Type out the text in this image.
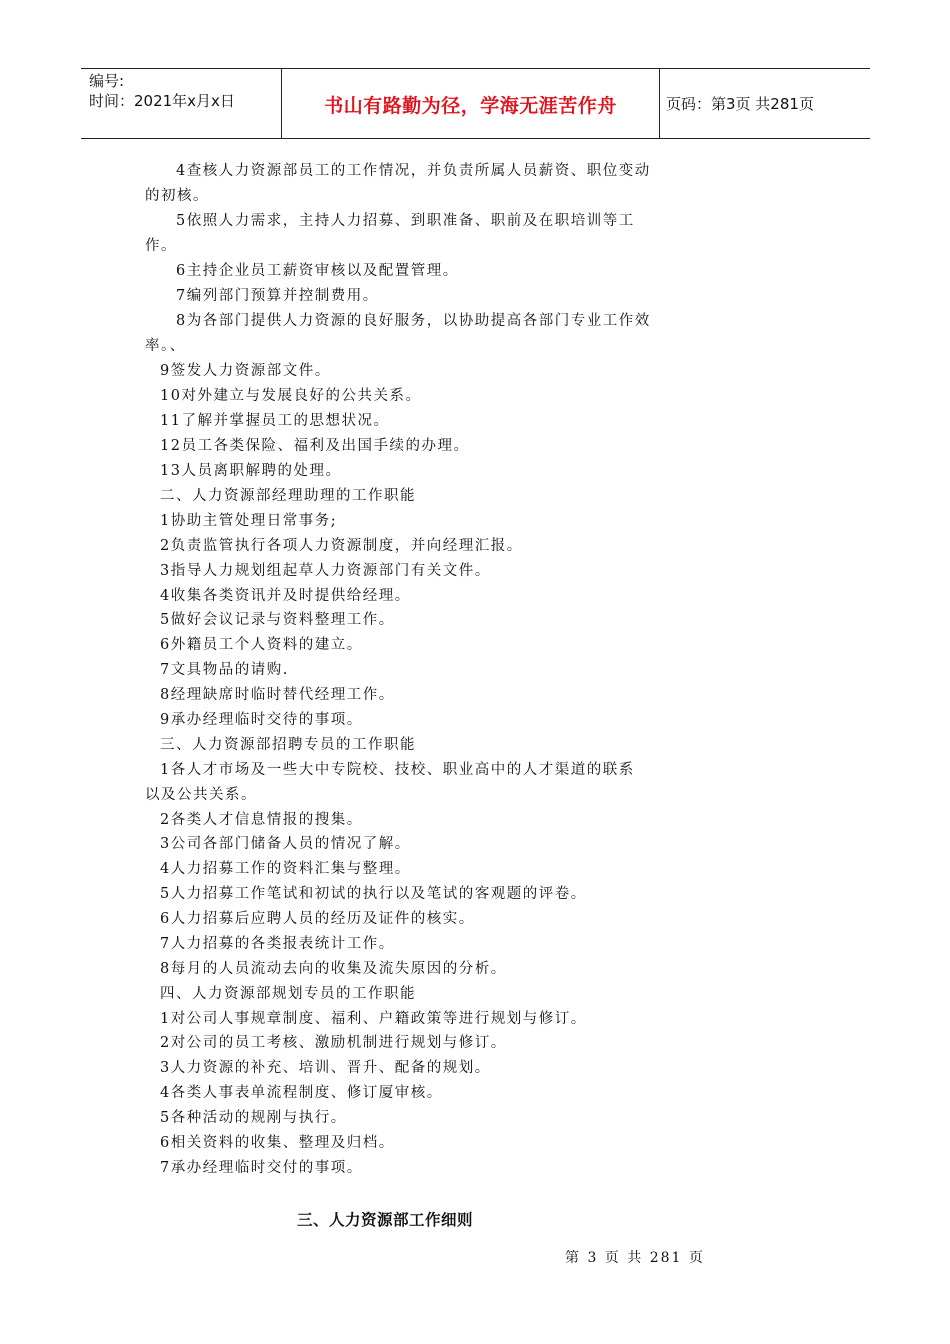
编号:
时间：2021年x月x日	书山有路勤为径，学海无涯苦作舟	页码：第3页 共281页
4查核人力资源部员工的工作情况，并负责所属人员薪资、职位变动
的初核。
5依照人力需求，主持人力招募、到职准备、职前及在职培训等工
作。
6主持企业员工薪资审核以及配置管理。
7编列部门预算并控制费用。
8为各部门提供人力资源的良好服务，以协助提高各部门专业工作效
率。、
9签发人力资源部文件。
10对外建立与发展良好的公共关系。
11了解并掌握员工的思想状况。
12员工各类保险、福利及出国手续的办理。
13人员离职解聘的处理。
二、人力资源部经理助理的工作职能
1协助主管处理日常事务;
2负责监管执行各项人力资源制度，并向经理汇报。
3指导人力规划组起草人力资源部门有关文件。
4收集各类资讯并及时提供给经理。
5做好会议记录与资料整理工作。
6外籍员工个人资料的建立。
7文具物品的请购.
8经理缺席时临时替代经理工作。
9承办经理临时交待的事项。
三、人力资源部招聘专员的工作职能
1各人才市场及一些大中专院校、技校、职业高中的人才渠道的联系
以及公共关系。
2各类人才信息情报的搜集。
3公司各部门储备人员的情况了解。
4人力招募工作的资料汇集与整理。
5人力招募工作笔试和初试的执行以及笔试的客观题的评卷。
6人力招募后应聘人员的经历及证件的核实。
7人力招募的各类报表统计工作。
8每月的人员流动去向的收集及流失原因的分析。
四、人力资源部规划专员的工作职能
1对公司人事规章制度、福利、户籍政策等进行规划与修订。
2对公司的员工考核、激励机制进行规划与修订。
3人力资源的补充、培训、晋升、配备的规划。
4各类人事表单流程制度、修订厦审核。
5各种活动的规剐与执行。
6相关资料的收集、整理及归档。
7承办经理临时交付的事项。
三、人力资源部工作细则
第 3 页 共 281 页
